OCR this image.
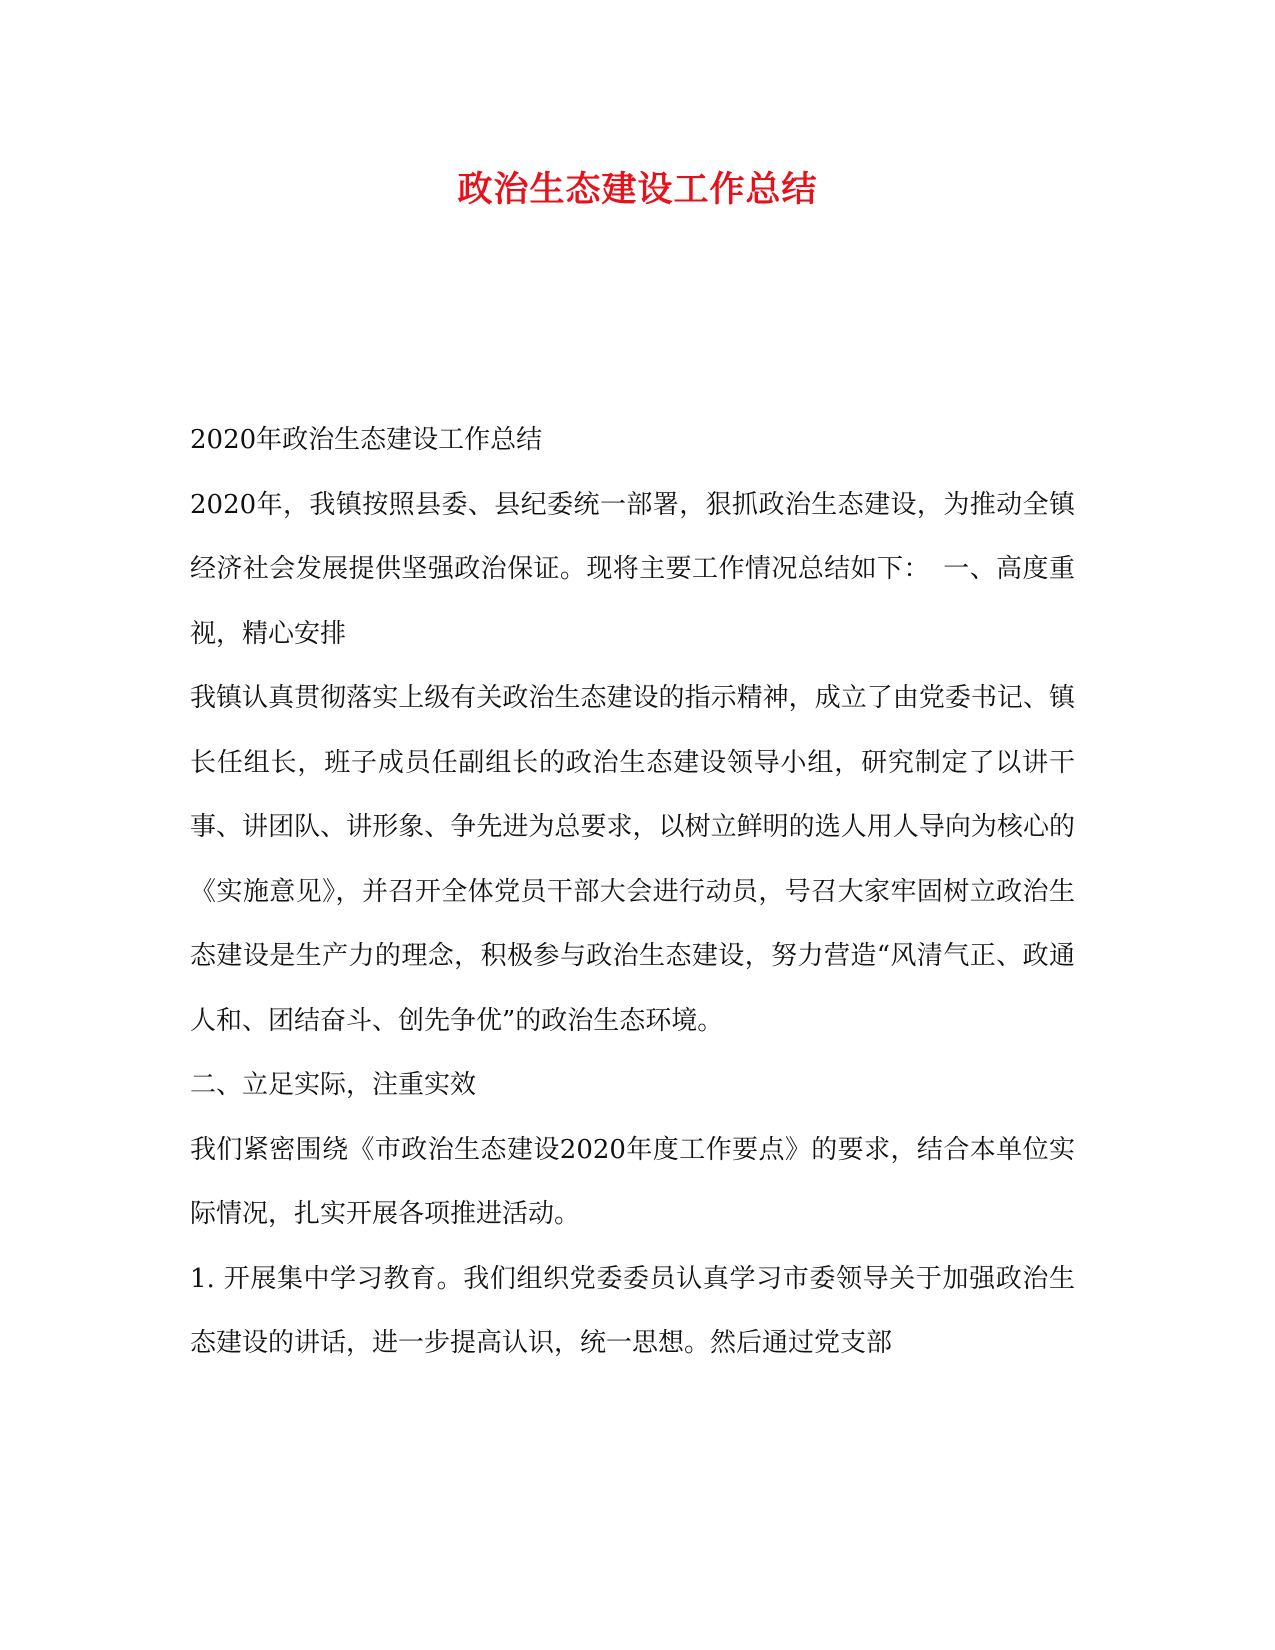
政治生态建设工作总结

2020年政治生态建设工作总结

2020年，我镇按照县委、县纪委统一部署，狠抓政治生态建设，为推动全镇经济社会发展提供坚强政治保证。现将主要工作情况总结如下：　一、高度重视，精心安排

我镇认真贯彻落实上级有关政治生态建设的指示精神，成立了由党委书记、镇长任组长，班子成员任副组长的政治生态建设领导小组，研究制定了以讲干事、讲团队、讲形象、争先进为总要求，以树立鲜明的选人用人导向为核心的《实施意见》，并召开全体党员干部大会进行动员，号召大家牢固树立政治生态建设是生产力的理念，积极参与政治生态建设，努力营造“风清气正、政通人和、团结奋斗、创先争优”的政治生态环境。

二、立足实际，注重实效

我们紧密围绕《市政治生态建设2020年度工作要点》的要求，结合本单位实际情况，扎实开展各项推进活动。

1. 开展集中学习教育。我们组织党委委员认真学习市委领导关于加强政治生态建设的讲话，进一步提高认识，统一思想。然后通过党支部
